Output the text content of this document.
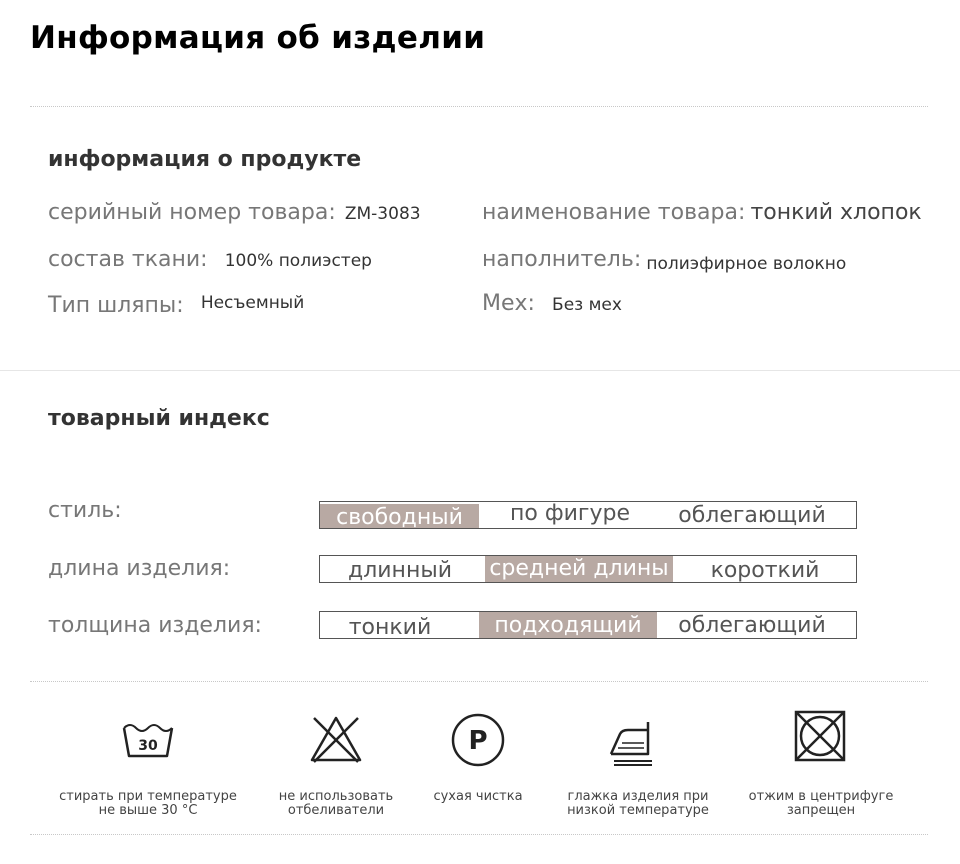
Информация об изделии
информация о продукте
серийный номер товара: ZM-3083
состав ткани: 100% полиэстер
Тип шляпы: Несъемный
наименование товара: тонкий хлопок
наполнитель: полиэфирное волокно
Мех: Без мех
товарный индекс
стиль:	свободный	по фигуре	облегающий
длина изделия:	длинный	средней длины	короткий
толщина изделия:	тонкий	подходящий	облегающий
30
стирать при температуре
не выше 30 °C
не использовать
отбеливатели
P
сухая чистка	глажка изделия при
низкой температуре
отжим в центрифуге
запрещен
